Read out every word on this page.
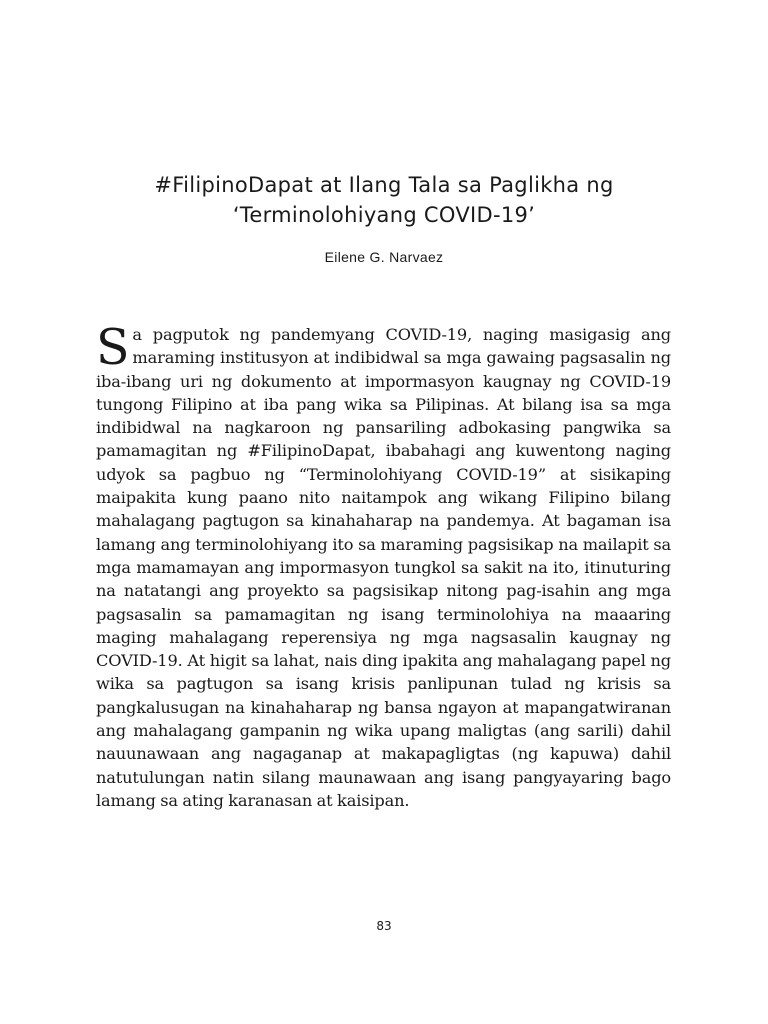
#FilipinoDapat at Ilang Tala sa Paglikha ng
‘Terminolohiyang COVID-19’
Eilene G. Narvaez
Sa pagputok ng pandemyang COVID-19, naging masigasig ang maraming institusyon at indibidwal sa mga gawaing pagsasalin ng iba-ibang uri ng dokumento at impormasyon kaugnay ng COVID-19 tungong Filipino at iba pang wika sa Pilipinas. At bilang isa sa mga indibidwal na nagkaroon ng pansariling adbokasing pangwika sa pamamagitan ng #FilipinoDapat, ibabahagi ang kuwentong naging udyok sa pagbuo ng “Terminolohiyang COVID-19” at sisikaping maipakita kung paano nito naitampok ang wikang Filipino bilang mahalagang pagtugon sa kinahaharap na pandemya. At bagaman isa lamang ang terminolohiyang ito sa maraming pagsisikap na mailapit sa mga mamamayan ang impormasyon tungkol sa sakit na ito, itinuturing na natatangi ang proyekto sa pagsisikap nitong pag-isahin ang mga pagsasalin sa pamamagitan ng isang terminolohiya na maaaring maging mahalagang reperensiya ng mga nagsasalin kaugnay ng COVID-19. At higit sa lahat, nais ding ipakita ang mahalagang papel ng wika sa pagtugon sa isang krisis panlipunan tulad ng krisis sa pangkalusugan na kinahaharap ng bansa ngayon at mapangatwiranan ang mahalagang gampanin ng wika upang maligtas (ang sarili) dahil nauunawaan ang nagaganap at makapagligtas (ng kapuwa) dahil natutulungan natin silang maunawaan ang isang pangyayaring bago lamang sa ating karanasan at kaisipan.
83
